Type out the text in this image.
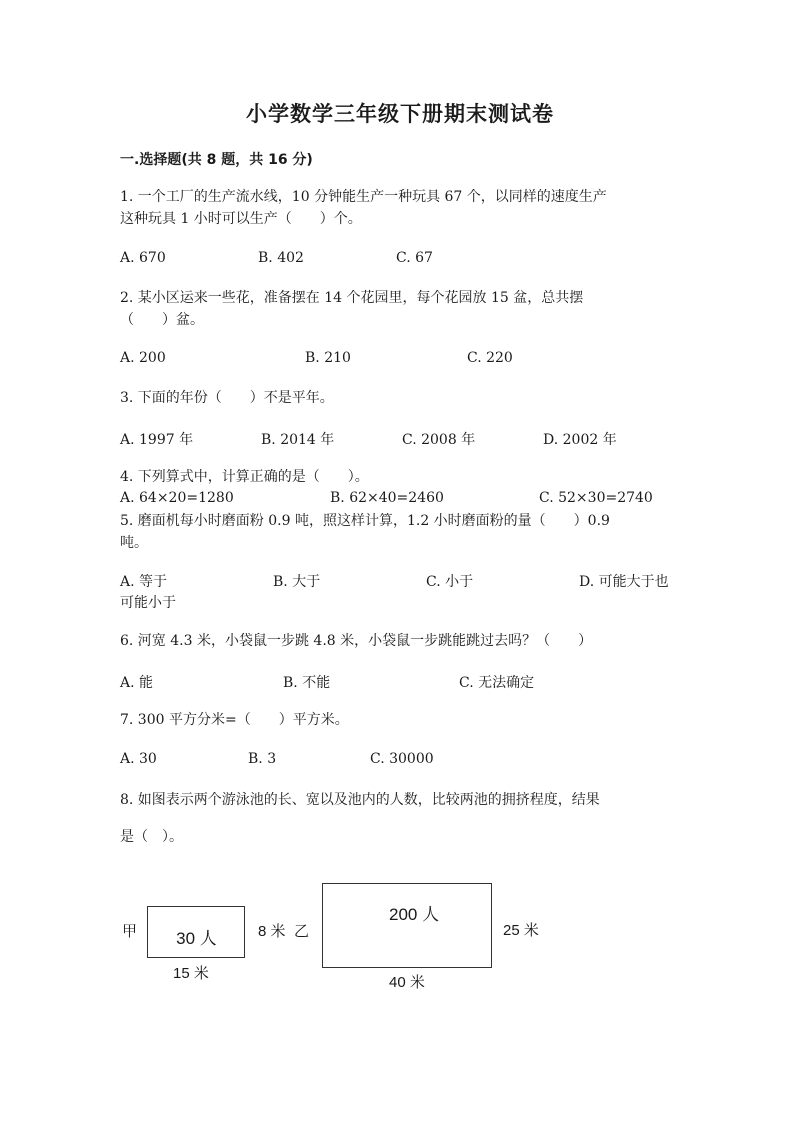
小学数学三年级下册期末测试卷
一.选择题(共 8 题，共 16 分)
1. 一个工厂的生产流水线，10 分钟能生产一种玩具 67 个，以同样的速度生产
这种玩具 1 小时可以生产（　　）个。
A. 670	B. 402	C. 67
2. 某小区运来一些花，准备摆在 14 个花园里，每个花园放 15 盆，总共摆
（　　）盆。
A. 200	B. 210	C. 220
3. 下面的年份（　　）不是平年。
A. 1997 年	B. 2014 年	C. 2008 年	D. 2002 年
4. 下列算式中，计算正确的是（　　）。
A. 64×20=1280	B. 62×40=2460	C. 52×30=2740
5. 磨面机每小时磨面粉 0.9 吨，照这样计算，1.2 小时磨面粉的量（　　）0.9
吨。
A. 等于	B. 大于	C. 小于	D. 可能大于也
可能小于
6. 河宽 4.3 米，小袋鼠一步跳 4.8 米，小袋鼠一步跳能跳过去吗？（　　）
A. 能	B. 不能	C. 无法确定
7. 300 平方分米=（　　）平方米。
A. 30	B. 3	C. 30000
8. 如图表示两个游泳池的长、宽以及池内的人数，比较两池的拥挤程度，结果
是（　）。
甲	30 人
15 米
8 米 乙
200 人
25 米
40 米
